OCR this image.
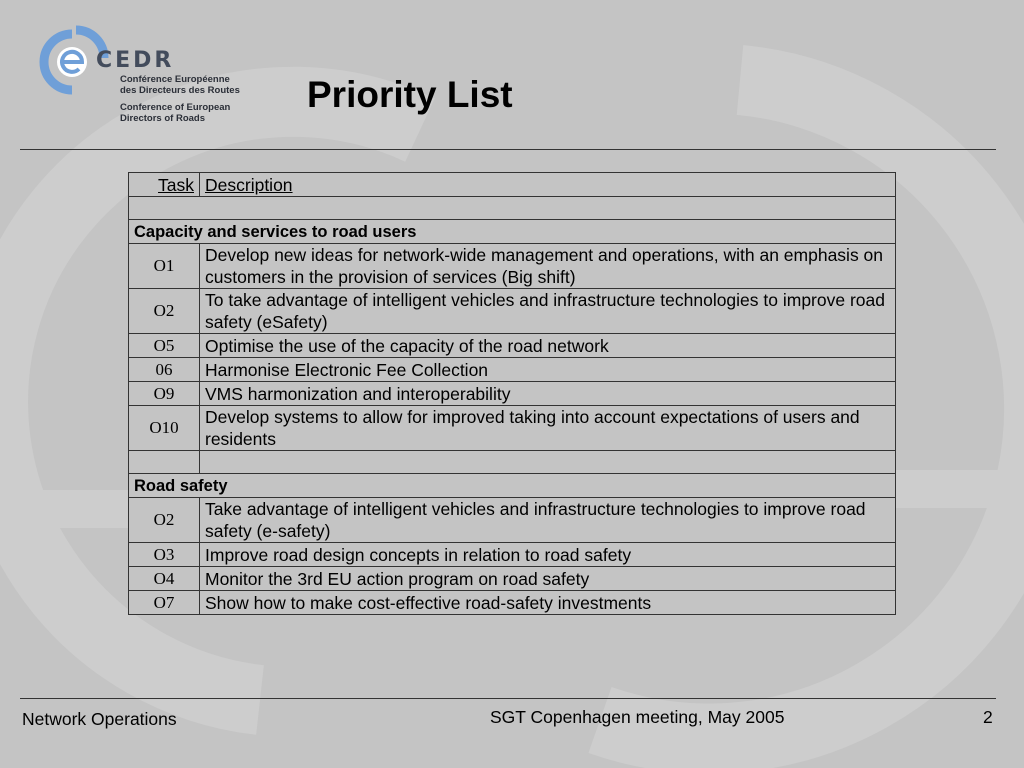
CEDR
Conférence Européenne
des Directeurs des Routes
Conference of European
Directors of Roads
Priority List
Task	Description

Capacity and services to road users	
O1	Develop new ideas for network-wide management and operations, with an emphasis on customers in the provision of services (Big shift)
O2	To take advantage of intelligent vehicles and infrastructure technologies to improve road safety (eSafety)
O5	Optimise the use of the capacity of the road network
06	Harmonise Electronic Fee Collection
O9	VMS harmonization and interoperability
O10	Develop systems to allow for improved taking into account expectations of users and residents

Road safety	
O2	Take advantage of intelligent vehicles and infrastructure technologies to improve road safety (e-safety)
O3	Improve road design concepts in relation to road safety
O4	Monitor the 3rd EU action program on road safety
O7	Show how to make cost-effective road-safety investments
Network Operations	SGT Copenhagen meeting, May 2005	2
